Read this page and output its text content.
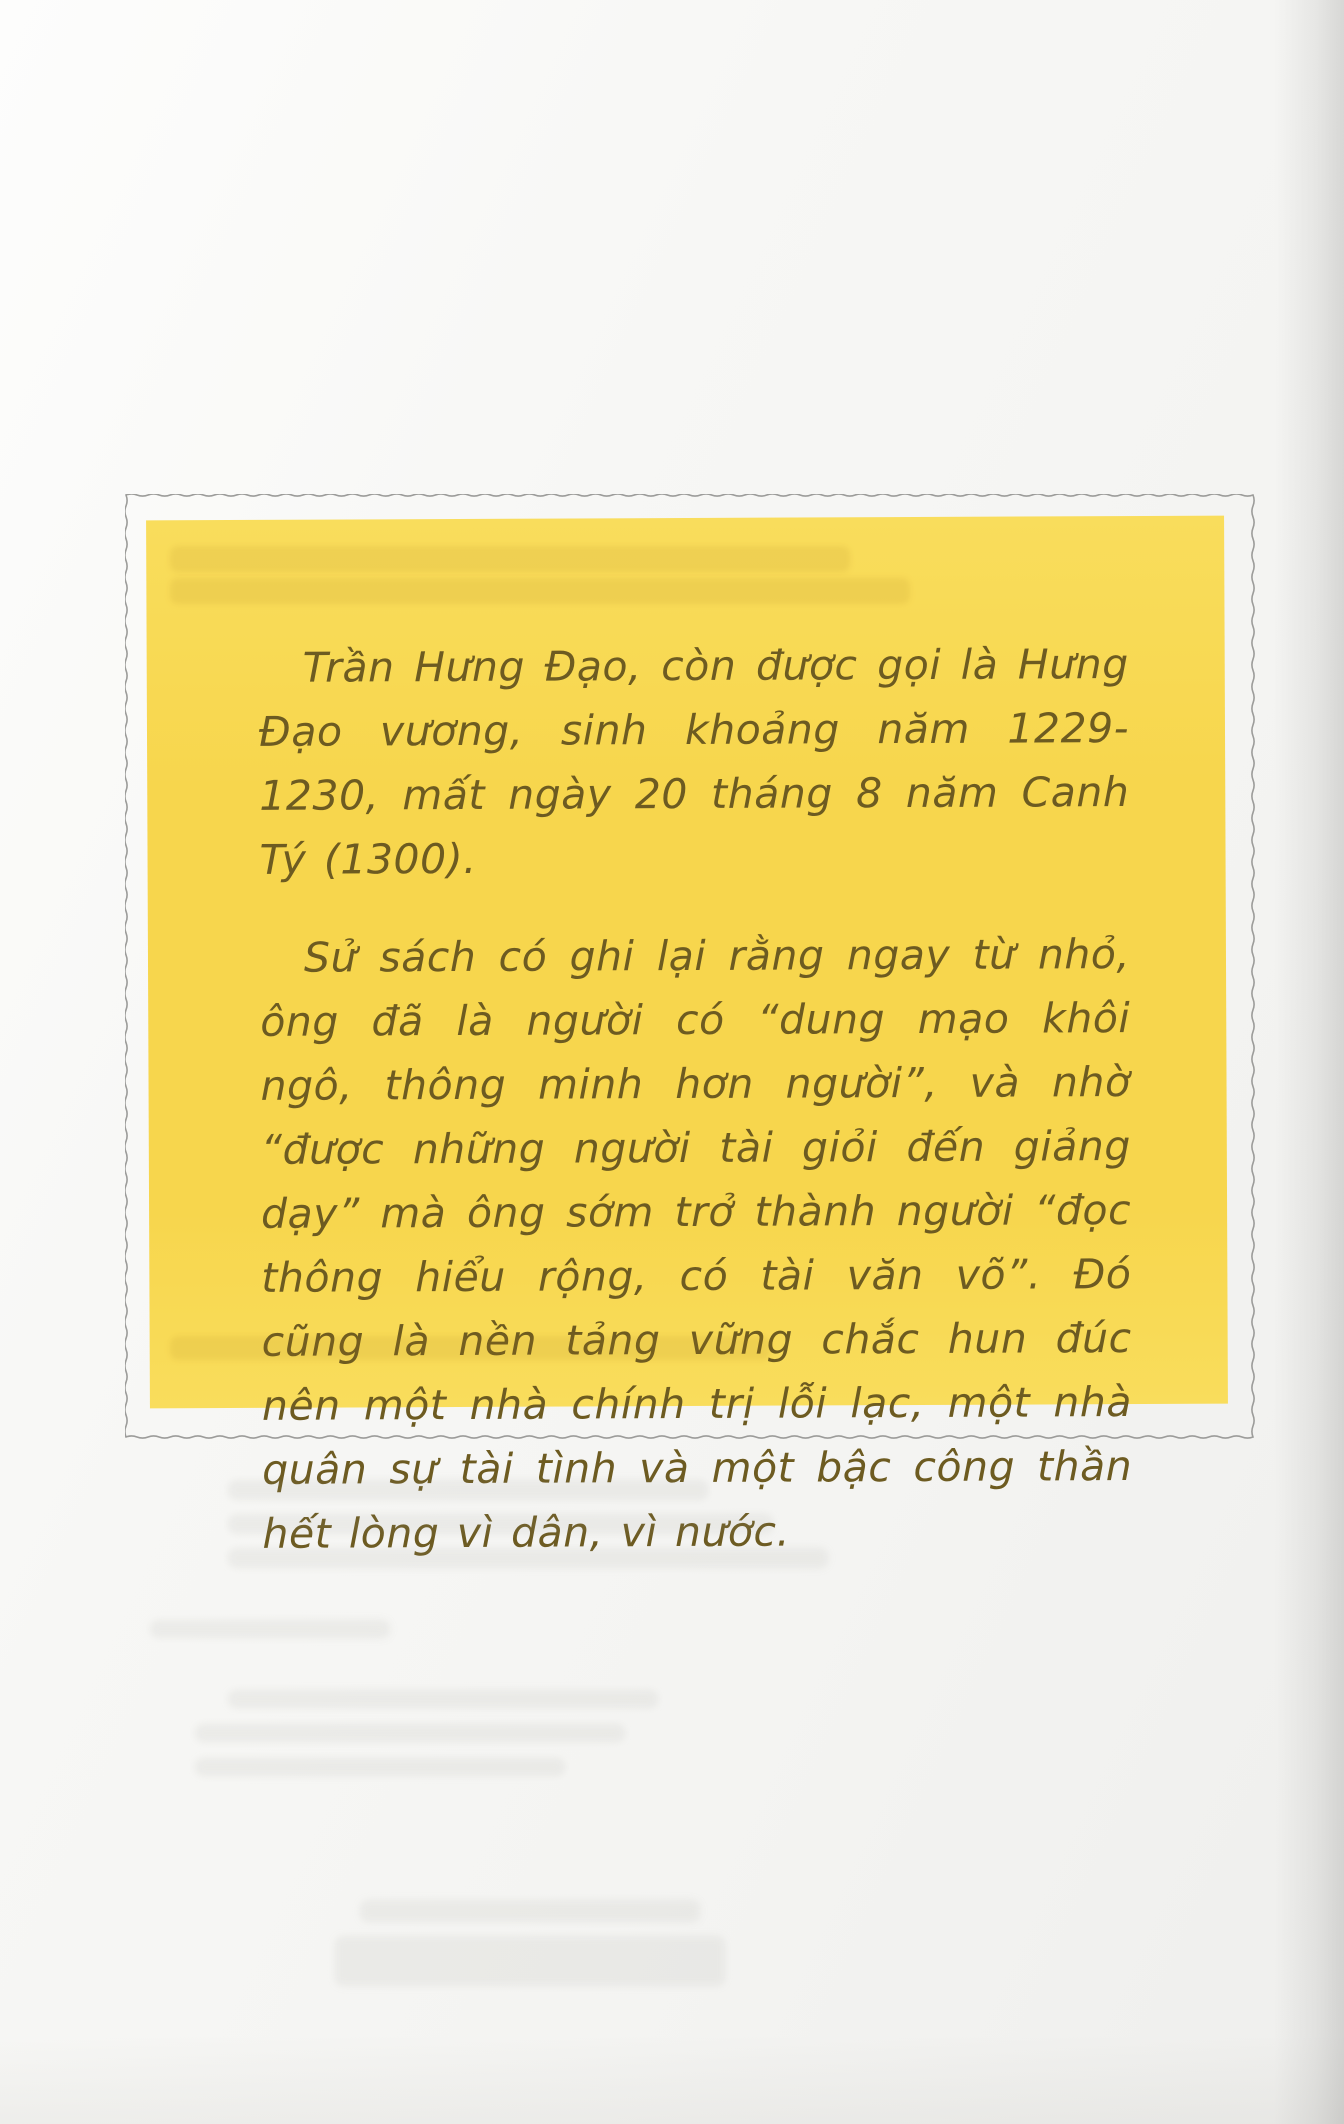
Trần Hưng Đạo, còn được gọi là Hưng Đạo vương, sinh khoảng năm 1229-1230, mất ngày 20 tháng 8 năm Canh Tý (1300).

Sử sách có ghi lại rằng ngay từ nhỏ, ông đã là người có “dung mạo khôi ngô, thông minh hơn người”, và nhờ “được những người tài giỏi đến giảng dạy” mà ông sớm trở thành người “đọc thông hiểu rộng, có tài văn võ”. Đó cũng là nền tảng vững chắc hun đúc nên một nhà chính trị lỗi lạc, một nhà quân sự tài tình và một bậc công thần hết lòng vì dân, vì nước.
